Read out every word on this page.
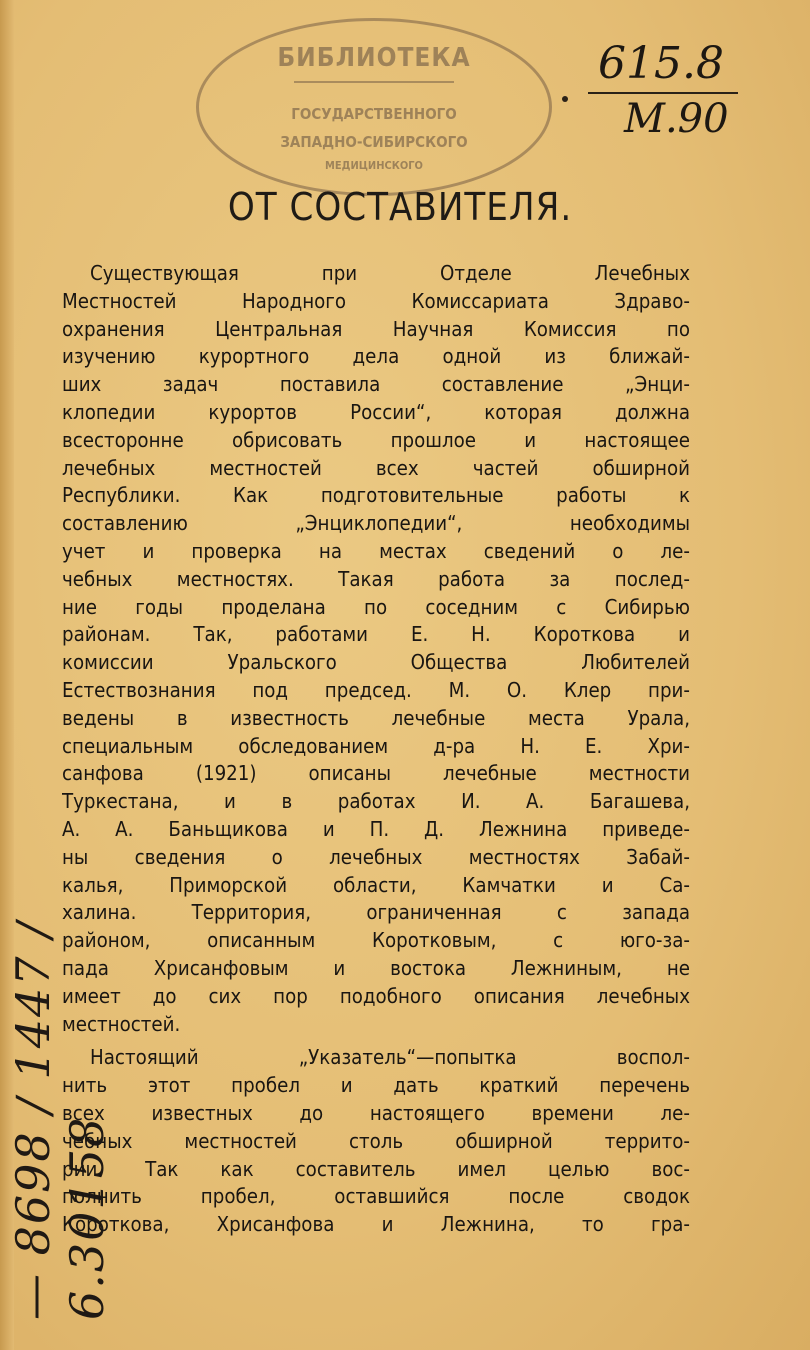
БИБЛИОТЕКА
ГОСУДАРСТВЕННОГО
ЗАПАДНО-СИБИРСКОГО
МЕДИЦИНСКОГО
615.8
М.90
— 8698 / 1447 / 6.30158
ОТ СОСТАВИТЕЛЯ.
Существующая при Отделе Лечебных
Местностей Народного Комиссариата Здраво-
охранения Центральная Научная Комиссия по
изучению курортного дела одной из ближай-
ших задач поставила составление „Энци-
клопедии курортов России“, которая должна
всесторонне обрисовать прошлое и настоящее
лечебных местностей всех частей обширной
Республики. Как подготовительные работы к
составлению „Энциклопедии“, необходимы
учет и проверка на местах сведений о ле-
чебных местностях. Такая работа за послед-
ние годы проделана по соседним с Сибирью
районам. Так, работами Е. Н. Короткова и
комиссии Уральского Общества Любителей
Естествознания под председ. М. О. Клер при-
ведены в известность лечебные места Урала,
специальным обследованием д-ра Н. Е. Хри-
санфова (1921) описаны лечебные местности
Туркестана, и в работах И. А. Багашева,
А. А. Баньщикова и П. Д. Лежнина приведе-
ны сведения о лечебных местностях Забай-
калья, Приморской области, Камчатки и Са-
халина. Территория, ограниченная с запада
районом, описанным Коротковым, с юго-за-
пада Хрисанфовым и востока Лежниным, не
имеет до сих пор подобного описания лечебных
местностей.
Настоящий „Указатель“—попытка воспол-
нить этот пробел и дать краткий перечень
всех известных до настоящего времени ле-
чебных местностей столь обширной террито-
рии. Так как составитель имел целью вос-
полнить пробел, оставшийся после сводок
Короткова, Хрисанфова и Лежнина, то гра-
